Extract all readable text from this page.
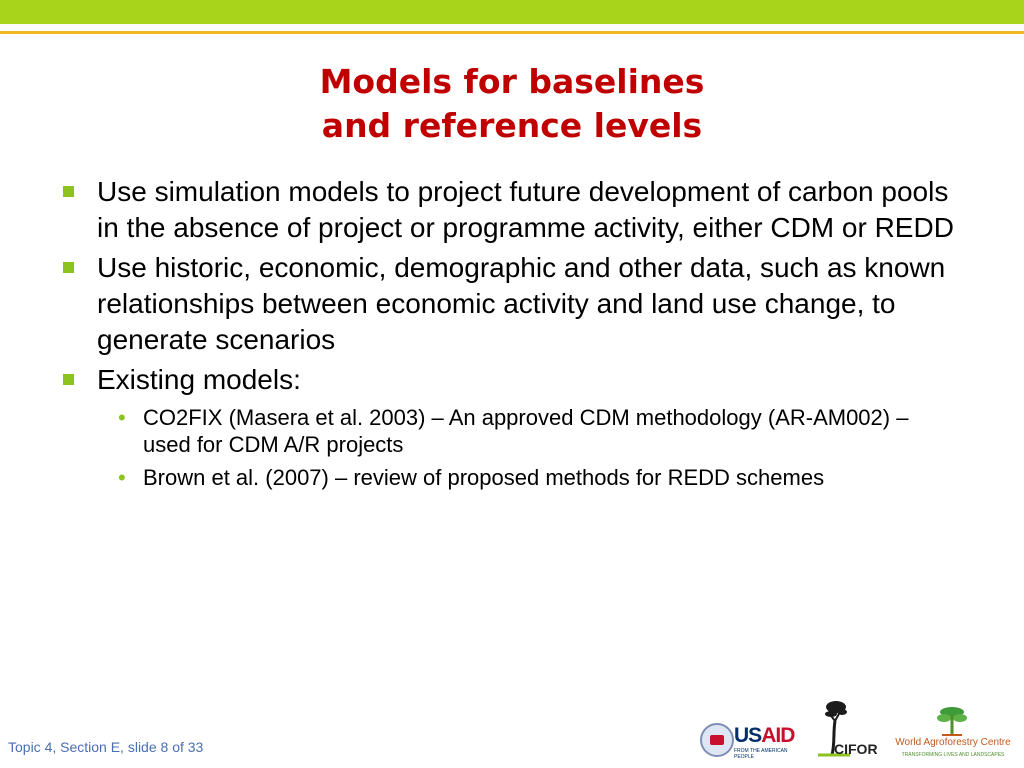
Models for baselines
and reference levels
Use simulation models to project future development of carbon pools in the absence of project or programme activity, either CDM or REDD
Use historic, economic, demographic and other data, such as known relationships between economic activity and land use change, to generate scenarios
Existing models:
• CO2FIX (Masera et al. 2003) – An approved CDM methodology (AR-AM002) – used for CDM A/R projects
• Brown et al. (2007) – review of proposed methods for REDD schemes
Topic 4, Section E, slide 8 of 33	USAID
FROM THE AMERICAN PEOPLE	CIFOR	World Agroforestry Centre
TRANSFORMING LIVES AND LANDSCAPES
